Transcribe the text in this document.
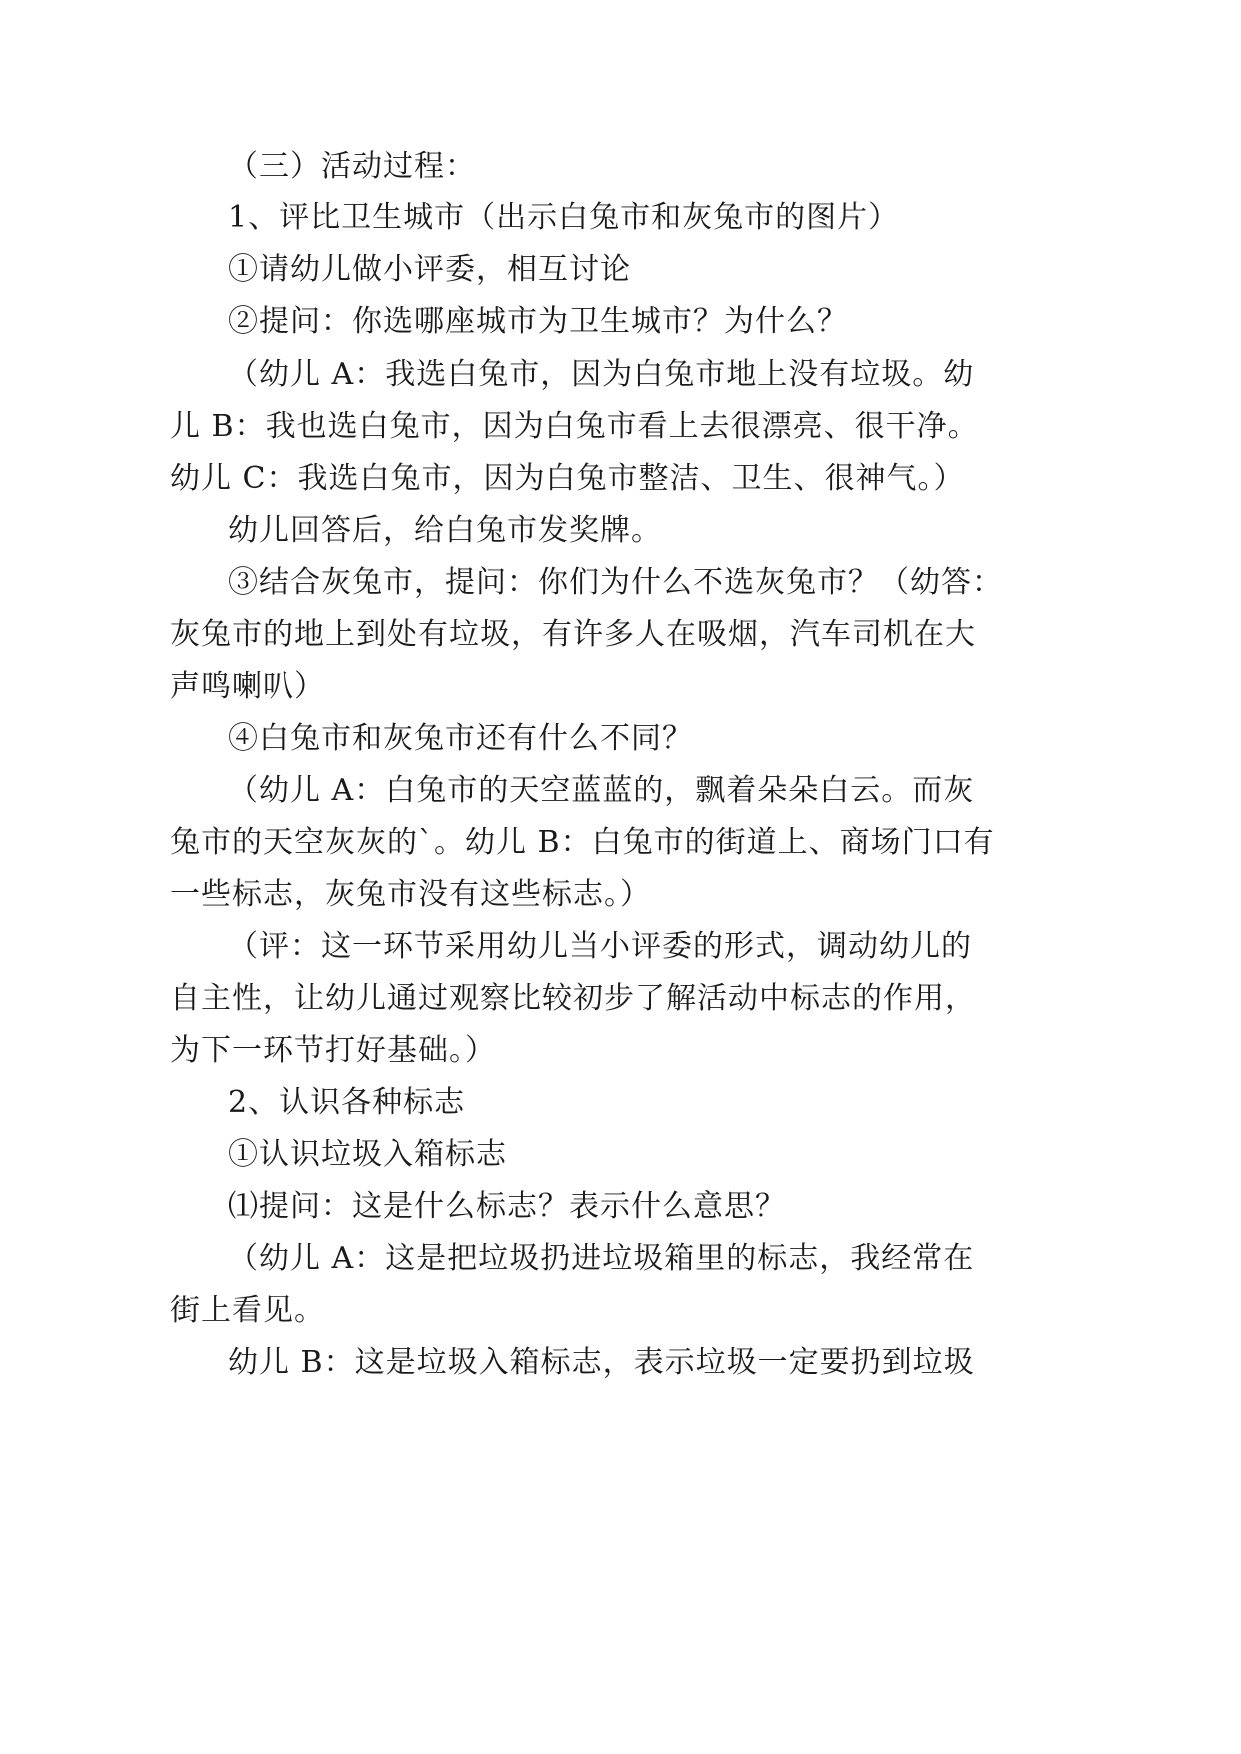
（三）活动过程：
1、评比卫生城市（出示白兔市和灰兔市的图片）
①请幼儿做小评委，相互讨论
②提问：你选哪座城市为卫生城市？为什么？
（幼儿 A：我选白兔市，因为白兔市地上没有垃圾。幼
儿 B：我也选白兔市，因为白兔市看上去很漂亮、很干净。
幼儿 C：我选白兔市，因为白兔市整洁、卫生、很神气。）
幼儿回答后，给白兔市发奖牌。
③结合灰兔市，提问：你们为什么不选灰兔市？（幼答：
灰兔市的地上到处有垃圾，有许多人在吸烟，汽车司机在大
声鸣喇叭）
④白兔市和灰兔市还有什么不同？
（幼儿 A：白兔市的天空蓝蓝的，飘着朵朵白云。而灰
兔市的天空灰灰的`。幼儿 B：白兔市的街道上、商场门口有
一些标志，灰兔市没有这些标志。）
（评：这一环节采用幼儿当小评委的形式，调动幼儿的
自主性，让幼儿通过观察比较初步了解活动中标志的作用，
为下一环节打好基础。）
2、认识各种标志
①认识垃圾入箱标志
⑴提问：这是什么标志？表示什么意思？
（幼儿 A：这是把垃圾扔进垃圾箱里的标志，我经常在
街上看见。
幼儿 B：这是垃圾入箱标志，表示垃圾一定要扔到垃圾
